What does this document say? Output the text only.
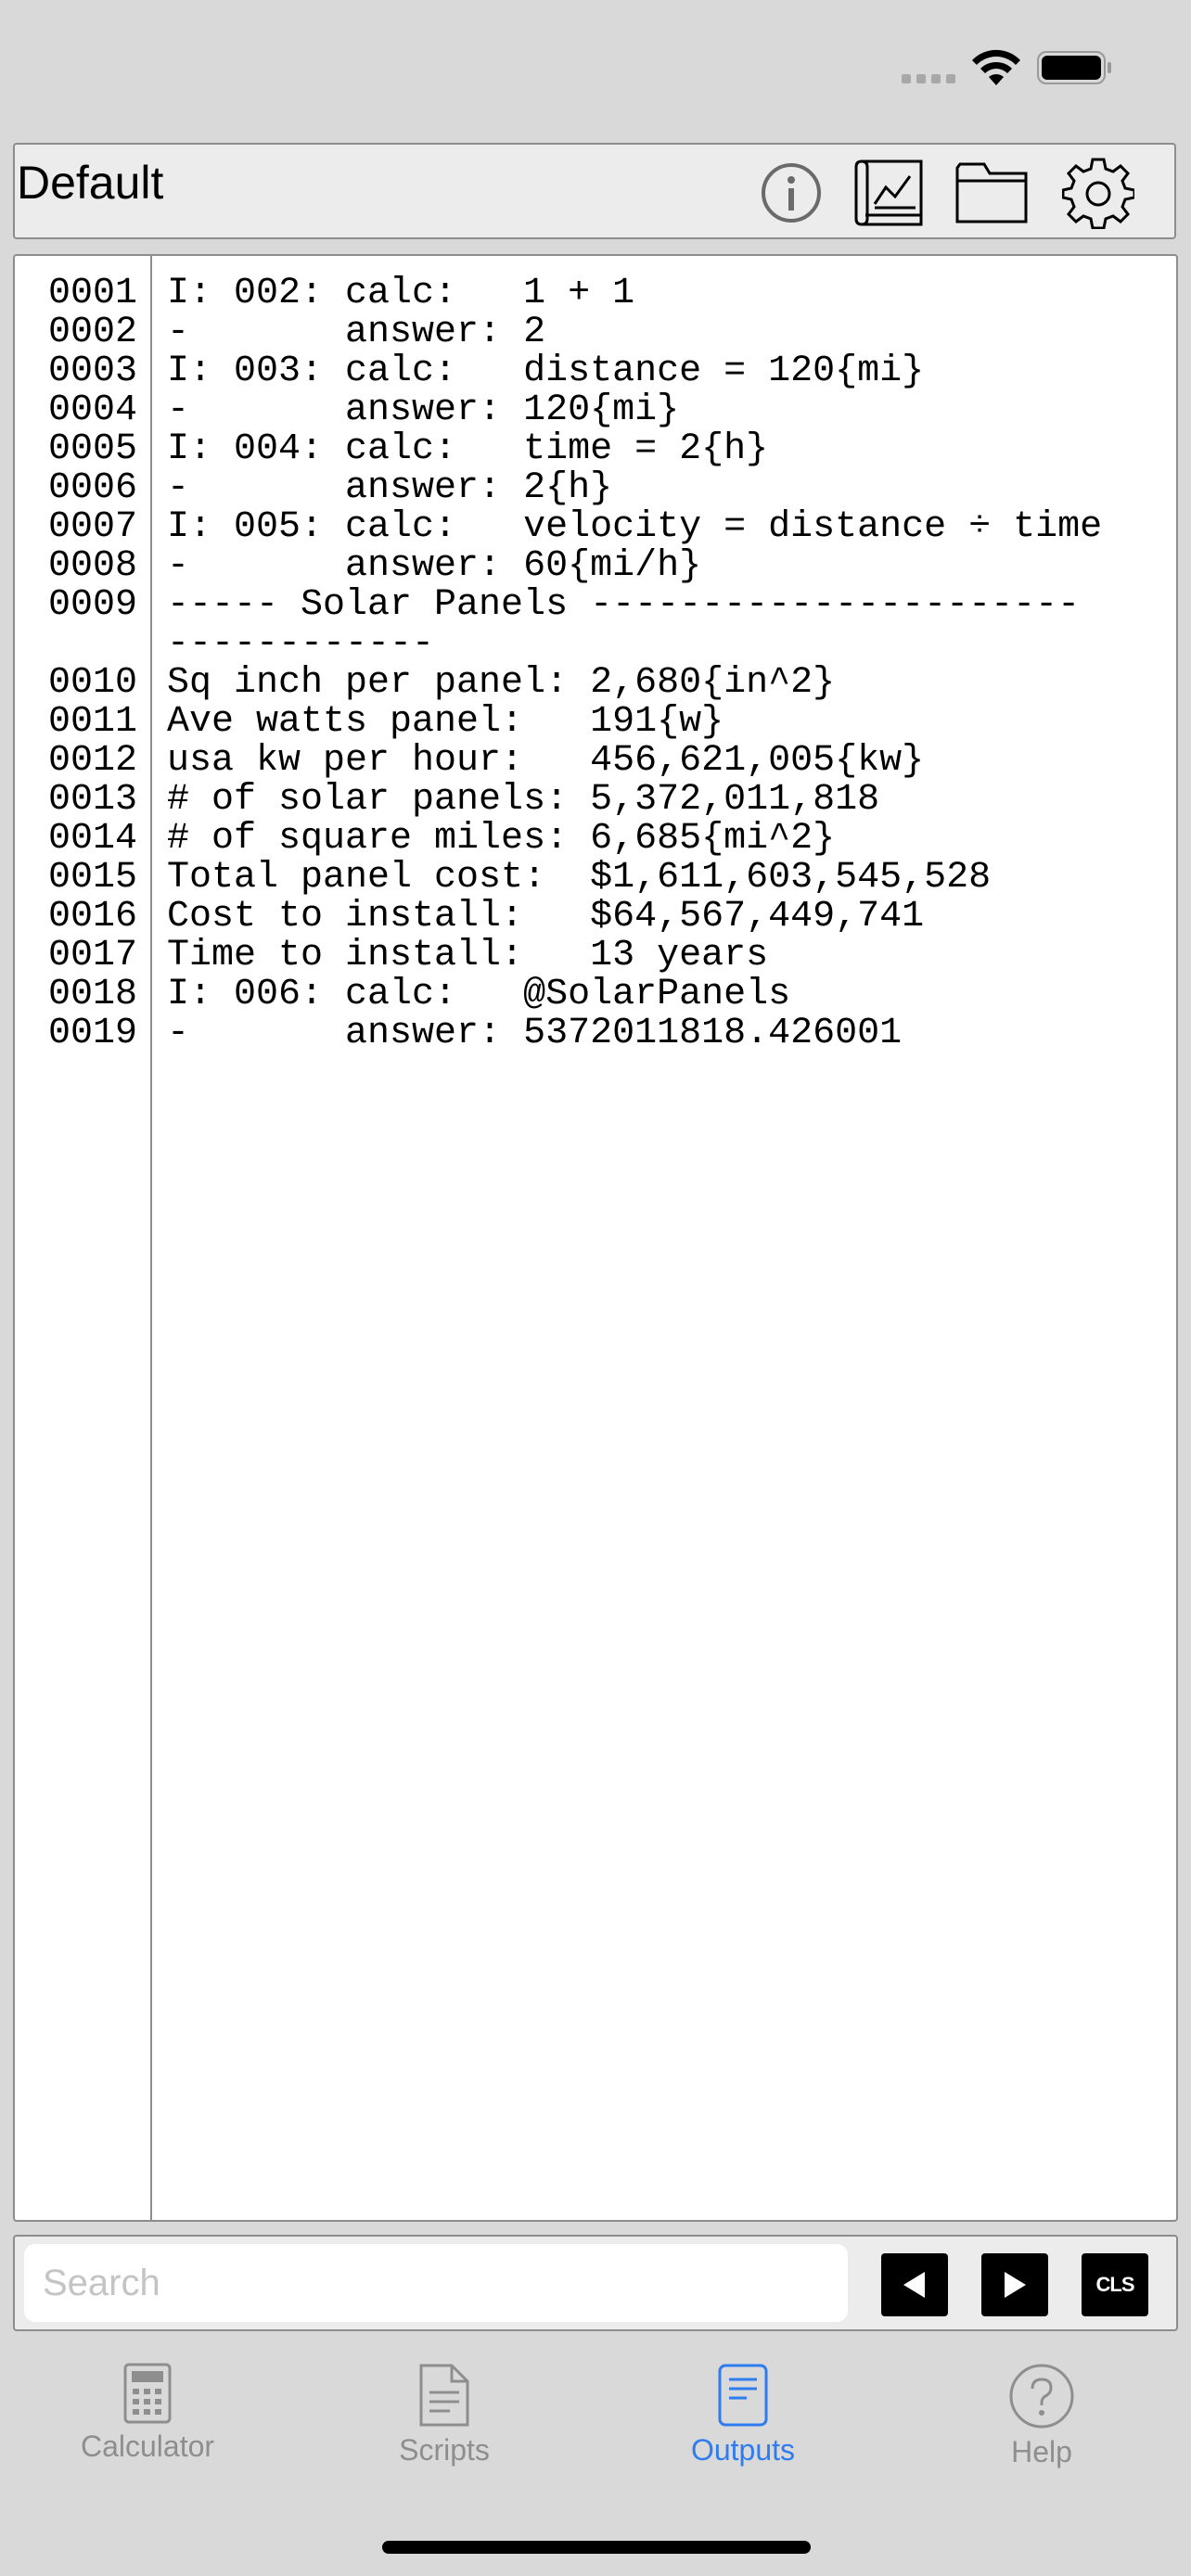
Default
0001 I: 002: calc:   1 + 1
0002 -       answer: 2
0003 I: 003: calc:   distance = 120{mi}
0004 -       answer: 120{mi}
0005 I: 004: calc:   time = 2{h}
0006 -       answer: 2{h}
0007 I: 005: calc:   velocity = distance ÷ time
0008 -       answer: 60{mi/h}
0009 ----- Solar Panels ----------------------
------------
0010 Sq inch per panel: 2,680{in^2}
0011 Ave watts panel:   191{w}
0012 usa kw per hour:   456,621,005{kw}
0013 # of solar panels: 5,372,011,818
0014 # of square miles: 6,685{mi^2}
0015 Total panel cost:  $1,611,603,545,528
0016 Cost to install:   $64,567,449,741
0017 Time to install:   13 years
0018 I: 006: calc:   @SolarPanels
0019 -       answer: 5372011818.426001
Search
CLS
Calculator	Scripts	Outputs	Help
